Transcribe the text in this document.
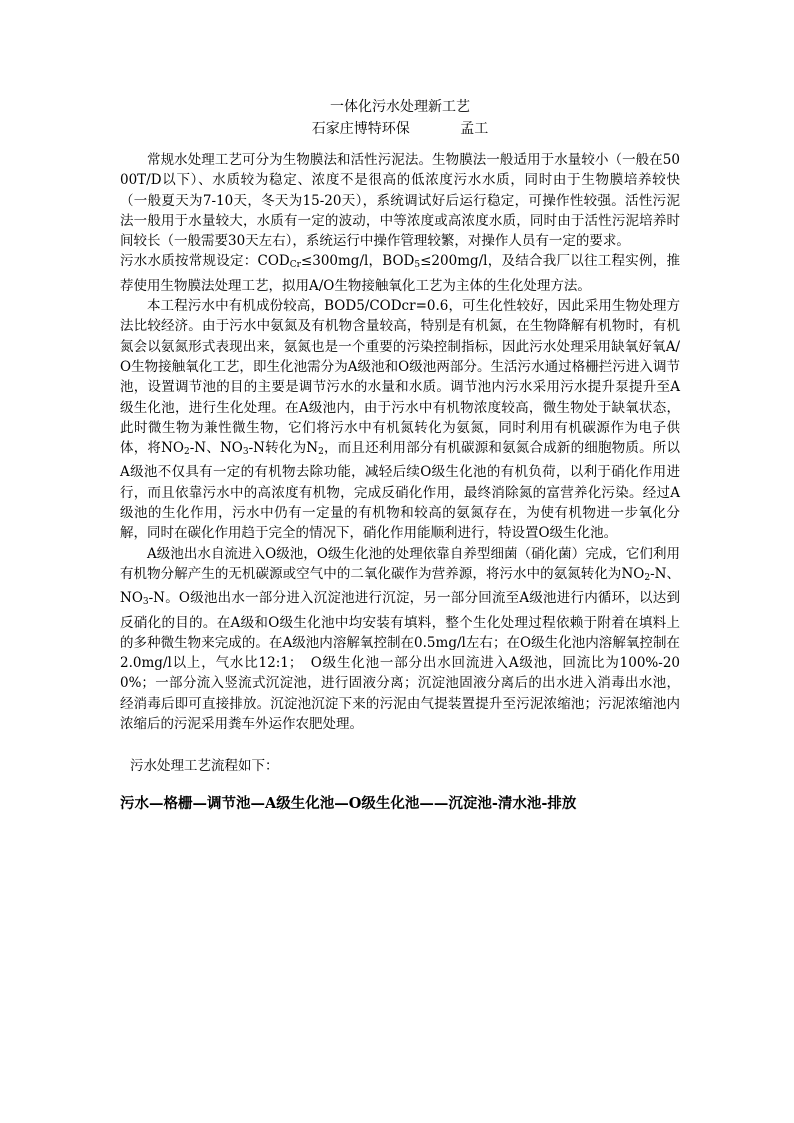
一体化污水处理新工艺
石家庄博特环保	孟工

常规水处理工艺可分为生物膜法和活性污泥法。生物膜法一般适用于水量较小（一般在5000T/D以下）、水质较为稳定、浓度不是很高的低浓度污水水质，同时由于生物膜培养较快（一般夏天为7-10天，冬天为15-20天），系统调试好后运行稳定，可操作性较强。活性污泥法一般用于水量较大，水质有一定的波动，中等浓度或高浓度水质，同时由于活性污泥培养时间较长（一般需要30天左右），系统运行中操作管理较繁，对操作人员有一定的要求。

污水水质按常规设定：$COD_{Cr}\le 300mg/l$，$BOD_5\le 200mg/l$，及结合我厂以往工程实例，推荐使用生物膜法处理工艺，拟用A/O生物接触氧化工艺为主体的生化处理方法。

本工程污水中有机成份较高，BOD5/CODcr=0.6，可生化性较好，因此采用生物处理方法比较经济。由于污水中氨氮及有机物含量较高，特别是有机氮，在生物降解有机物时，有机氮会以氨氮形式表现出来，氨氮也是一个重要的污染控制指标，因此污水处理采用缺氧好氧A/O生物接触氧化工艺，即生化池需分为A级池和O级池两部分。生活污水通过格栅拦污进入调节池，设置调节池的目的主要是调节污水的水量和水质。调节池内污水采用污水提升泵提升至A级生化池，进行生化处理。在A级池内，由于污水中有机物浓度较高，微生物处于缺氧状态，此时微生物为兼性微生物，它们将污水中有机氮转化为氨氮，同时利用有机碳源作为电子供体，将$NO_2-N$、$NO_3-N$转化为$N_2$，而且还利用部分有机碳源和氨氮合成新的细胞物质。所以A级池不仅具有一定的有机物去除功能，减轻后续O级生化池的有机负荷，以利于硝化作用进行，而且依靠污水中的高浓度有机物，完成反硝化作用，最终消除氮的富营养化污染。经过A级池的生化作用，污水中仍有一定量的有机物和较高的氨氮存在，为使有机物进一步氧化分解，同时在碳化作用趋于完全的情况下，硝化作用能顺利进行，特设置O级生化池。

A级池出水自流进入O级池，O级生化池的处理依靠自养型细菌（硝化菌）完成，它们利用有机物分解产生的无机碳源或空气中的二氧化碳作为营养源，将污水中的氨氮转化为$NO_2-N$、$NO_3-N$。O级池出水一部分进入沉淀池进行沉淀，另一部分回流至A级池进行内循环，以达到反硝化的目的。在A级和O级生化池中均安装有填料，整个生化处理过程依赖于附着在填料上的多种微生物来完成的。在A级池内溶解氧控制在0.5mg/l左右；在O级生化池内溶解氧控制在2.0mg/l以上，气水比12:1；　O级生化池一部分出水回流进入A级池，回流比为100%-200%；一部分流入竖流式沉淀池，进行固液分离；沉淀池固液分离后的出水进入消毒出水池，经消毒后即可直接排放。沉淀池沉淀下来的污泥由气提装置提升至污泥浓缩池；污泥浓缩池内浓缩后的污泥采用粪车外运作农肥处理。

污水处理工艺流程如下：
污水—格栅—调节池—A级生化池—O级生化池——沉淀池-清水池-排放
